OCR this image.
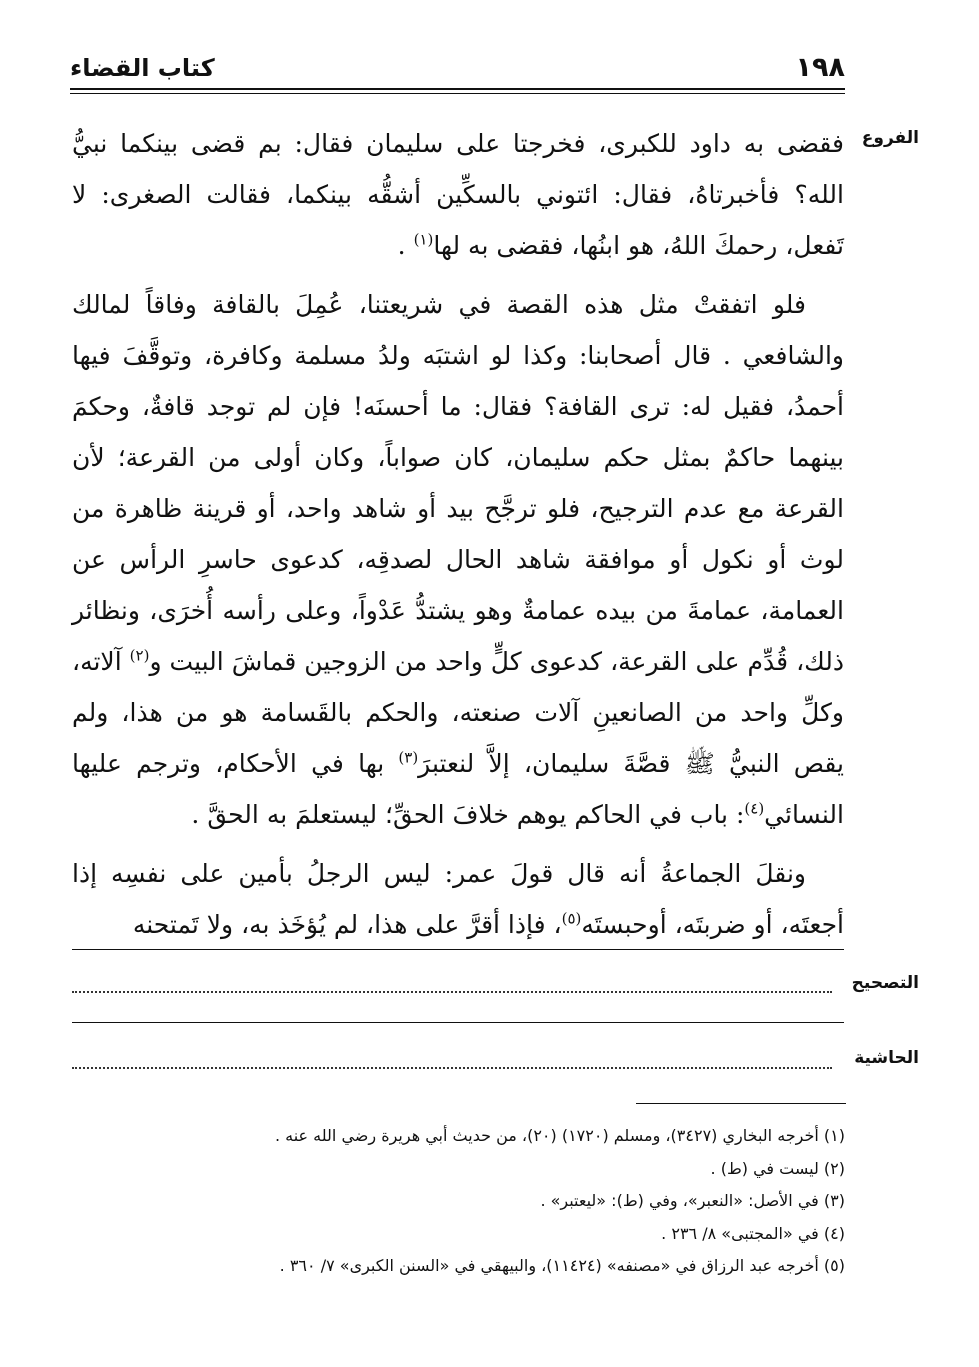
١٩٨
كتاب القضاء
الفروع

فقضى به داود للكبرى، فخرجتا على سليمان فقال: بم قضى بينكما نبيُّ الله؟ فأخبرتاهُ، فقال: ائتوني بالسكِّين أشقُّه بينكما، فقالت الصغرى: لا تَفعل، رحمكَ اللهُ، هو ابنُها، فقضى به لها$^{(١)}$ .

فلو اتفقتْ مثل هذه القصة في شريعتنا، عُمِلَ بالقافة وفاقاً لمالك والشافعي . قال أصحابنا: وكذا لو اشتبَه ولدُ مسلمة وكافرة، وتوقَّفَ فيها أحمدُ، فقيل له: ترى القافة؟ فقال: ما أحسنَه! فإن لم توجد قافةٌ، وحكمَ بينهما حاكمٌ بمثل حكم سليمان، كان صواباً، وكان أولى من القرعة؛ لأن القرعة مع عدم الترجيح، فلو ترجَّح بيد أو شاهد واحد، أو قرينة ظاهرة من لوث أو نكول أو موافقة شاهد الحال لصدقِه، كدعوى حاسرِ الرأس عن العمامة، عمامةَ من بيده عمامةٌ وهو يشتدُّ عَدْواً، وعلى رأسه أُخرَى، ونظائر ذلك، قُدِّم على القرعة، كدعوى كلٍّ واحد من الزوجين قماشَ البيت و$^{(٢)}$ آلاته، وكلِّ واحد من الصانعينِ آلات صنعته، والحكم بالقَسامة هو من هذا، ولم يقص النبيُّ ﷺ قصَّةَ سليمان، إلاَّ لنعتبرَ$^{(٣)}$ بها في الأحكام، وترجم عليها النسائي$^{(٤)}$: باب في الحاكم يوهم خلافَ الحقِّ؛ ليستعلمَ به الحقَّ .

ونقلَ الجماعةُ أنه قال قولَ عمر: ليس الرجلُ بأمين على نفسِه إذا أجعتَه، أو ضربتَه، أوحبستَه$^{(٥)}$، فإذا أقرَّ على هذا، لم يُؤخَذ به، ولا تَمتحنه

التصحيح
الحاشية
(١) أخرجه البخاري (٣٤٢٧)، ومسلم (١٧٢٠) (٢٠)، من حديث أبي هريرة رضي الله عنه .
(٢) ليست في (ط) .
(٣) في الأصل: «النعبر»، وفي (ط): «ليعتبر» .
(٤) في «المجتبى» ٨/ ٢٣٦ .
(٥) أخرجه عبد الرزاق في «مصنفه» (١١٤٢٤)، والبيهقي في «السنن الكبرى» ٧/ ٣٦٠ .
